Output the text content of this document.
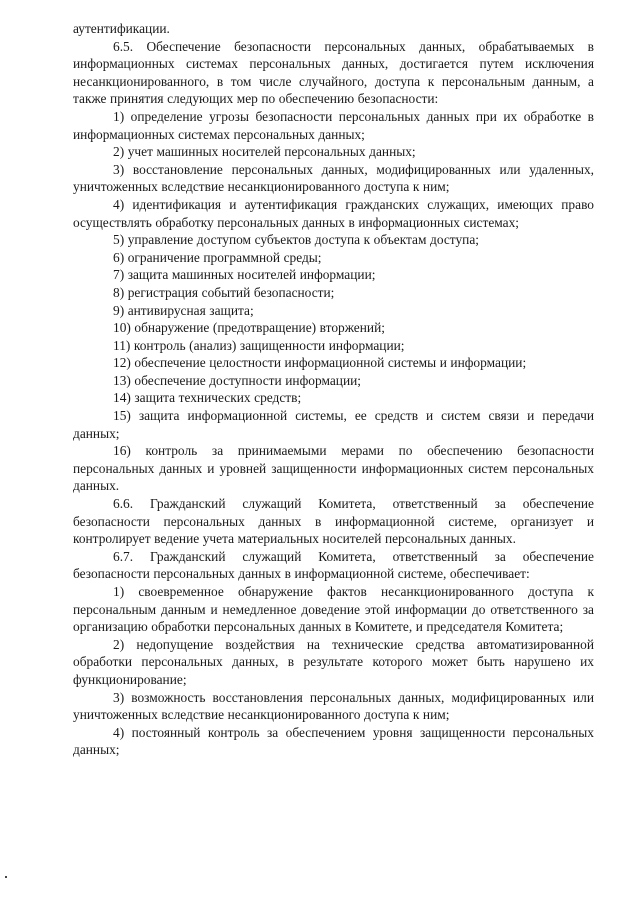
аутентификации.

6.5. Обеспечение безопасности персональных данных, обрабатываемых в информационных системах персональных данных, достигается путем исключения несанкционированного, в том числе случайного, доступа к персональным данным, а также принятия следующих мер по обеспечению безопасности:

1) определение угрозы безопасности персональных данных при их обработке в информационных системах персональных данных;

2) учет машинных носителей персональных данных;

3) восстановление персональных данных, модифицированных или удаленных, уничтоженных вследствие несанкционированного доступа к ним;

4) идентификация и аутентификация гражданских служащих, имеющих право осуществлять обработку персональных данных в информационных системах;

5) управление доступом субъектов доступа к объектам доступа;

6) ограничение программной среды;

7) защита машинных носителей информации;

8) регистрация событий безопасности;

9) антивирусная защита;

10) обнаружение (предотвращение) вторжений;

11) контроль (анализ) защищенности информации;

12) обеспечение целостности информационной системы и информации;

13) обеспечение доступности информации;

14) защита технических средств;

15) защита информационной системы, ее средств и систем связи и передачи данных;

16) контроль за принимаемыми мерами по обеспечению безопасности персональных данных и уровней защищенности информационных систем персональных данных.

6.6. Гражданский служащий Комитета, ответственный за обеспечение безопасности персональных данных в информационной системе, организует и контролирует ведение учета материальных носителей персональных данных.

6.7. Гражданский служащий Комитета, ответственный за обеспечение безопасности персональных данных в информационной системе, обеспечивает:

1) своевременное обнаружение фактов несанкционированного доступа к персональным данным и немедленное доведение этой информации до ответственного за организацию обработки персональных данных в Комитете, и председателя Комитета;

2) недопущение воздействия на технические средства автоматизированной обработки персональных данных, в результате которого может быть нарушено их функционирование;

3) возможность восстановления персональных данных, модифицированных или уничтоженных вследствие несанкционированного доступа к ним;

4) постоянный контроль за обеспечением уровня защищенности персональных данных;
